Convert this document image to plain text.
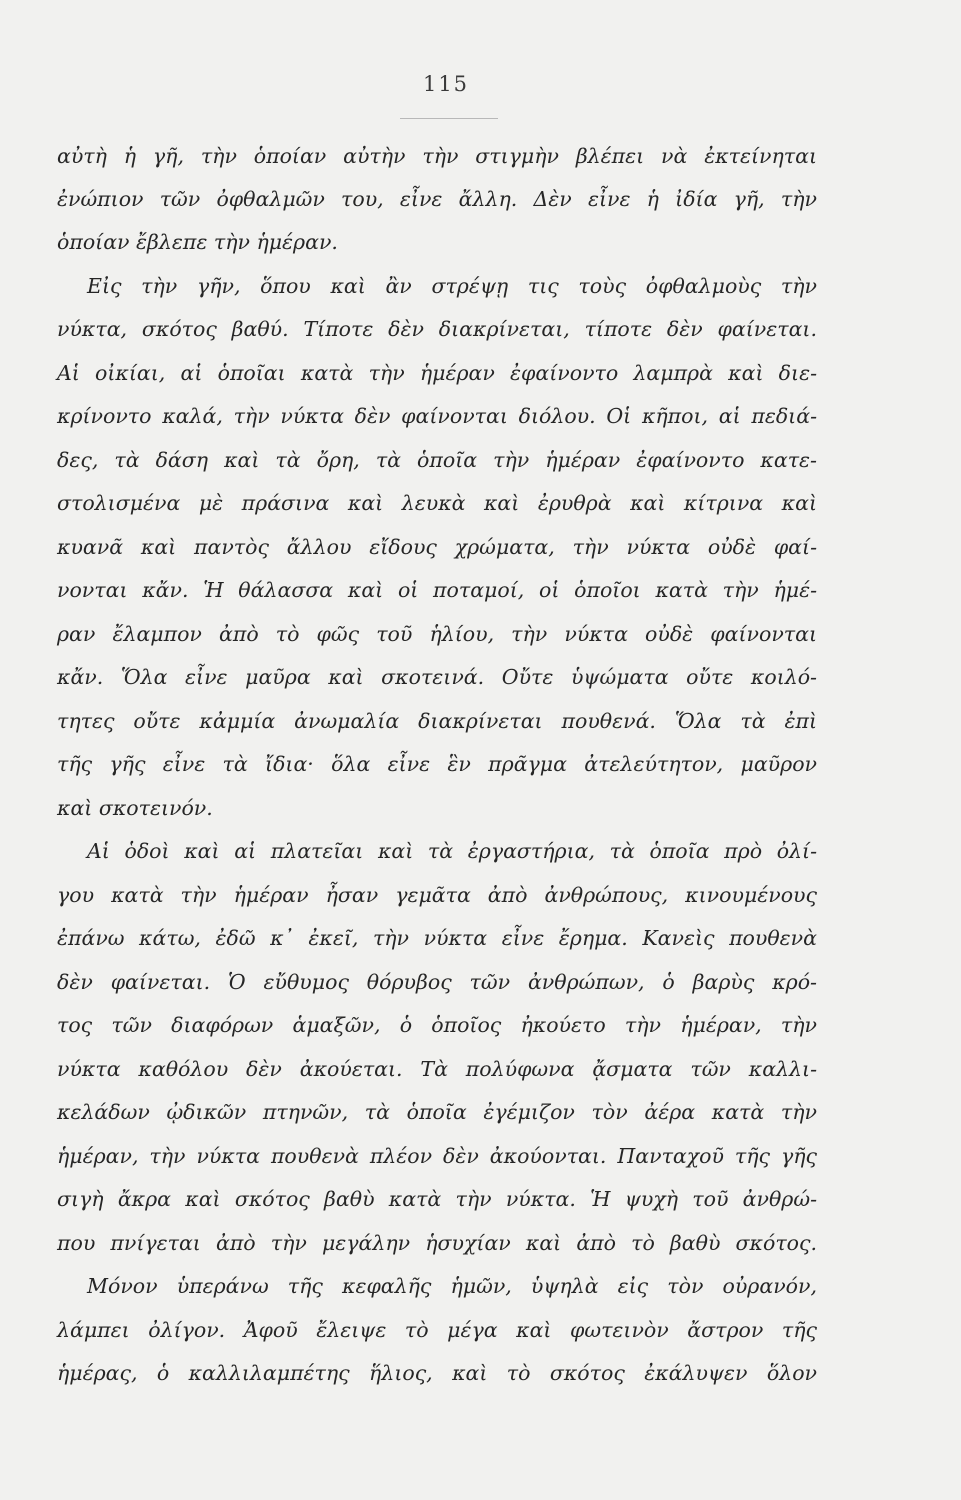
115
αὐτὴ ἡ γῆ, τὴν ὁποίαν αὐτὴν τὴν στιγμὴν βλέπει νὰ ἐκτείνηται
ἐνώπιον τῶν ὀφθαλμῶν του, εἶνε ἄλλη. Δὲν εἶνε ἡ ἰδία γῆ, τὴν
ὁποίαν ἔβλεπε τὴν ἡμέραν.
Εἰς τὴν γῆν, ὅπου καὶ ἂν στρέψῃ τις τοὺς ὀφθαλμοὺς τὴν
νύκτα, σκότος βαθύ. Τίποτε δὲν διακρίνεται, τίποτε δὲν φαίνεται.
Αἱ οἰκίαι, αἱ ὁποῖαι κατὰ τὴν ἡμέραν ἐφαίνοντο λαμπρὰ καὶ διε-
κρίνοντο καλά, τὴν νύκτα δὲν φαίνονται διόλου. Οἱ κῆποι, αἱ πεδιά-
δες, τὰ δάση καὶ τὰ ὄρη, τὰ ὁποῖα τὴν ἡμέραν ἐφαίνοντο κατε-
στολισμένα μὲ πράσινα καὶ λευκὰ καὶ ἐρυθρὰ καὶ κίτρινα καὶ
κυανᾶ καὶ παντὸς ἄλλου εἴδους χρώματα, τὴν νύκτα οὐδὲ φαί-
νονται κἄν. Ἡ θάλασσα καὶ οἱ ποταμοί, οἱ ὁποῖοι κατὰ τὴν ἡμέ-
ραν ἔλαμπον ἀπὸ τὸ φῶς τοῦ ἡλίου, τὴν νύκτα οὐδὲ φαίνονται
κἄν. Ὅλα εἶνε μαῦρα καὶ σκοτεινά. Οὔτε ὑψώματα οὔτε κοιλό-
τητες οὔτε κἀμμία ἀνωμαλία διακρίνεται πουθενά. Ὅλα τὰ ἐπὶ
τῆς γῆς εἶνε τὰ ἴδια· ὅλα εἶνε ἓν πρᾶγμα ἀτελεύτητον, μαῦρον
καὶ σκοτεινόν.
Αἱ ὁδοὶ καὶ αἱ πλατεῖαι καὶ τὰ ἐργαστήρια, τὰ ὁποῖα πρὸ ὀλί-
γου κατὰ τὴν ἡμέραν ἦσαν γεμᾶτα ἀπὸ ἀνθρώπους, κινουμένους
ἐπάνω κάτω, ἐδῶ κ᾿ ἐκεῖ, τὴν νύκτα εἶνε ἔρημα. Κανεὶς πουθενὰ
δὲν φαίνεται. Ὁ εὔθυμος θόρυβος τῶν ἀνθρώπων, ὁ βαρὺς κρό-
τος τῶν διαφόρων ἁμαξῶν, ὁ ὁποῖος ἠκούετο τὴν ἡμέραν, τὴν
νύκτα καθόλου δὲν ἀκούεται. Τὰ πολύφωνα ᾄσματα τῶν καλλι-
κελάδων ᾠδικῶν πτηνῶν, τὰ ὁποῖα ἐγέμιζον τὸν ἀέρα κατὰ τὴν
ἡμέραν, τὴν νύκτα πουθενὰ πλέον δὲν ἀκούονται. Πανταχοῦ τῆς γῆς
σιγὴ ἄκρα καὶ σκότος βαθὺ κατὰ τὴν νύκτα. Ἡ ψυχὴ τοῦ ἀνθρώ-
που πνίγεται ἀπὸ τὴν μεγάλην ἡσυχίαν καὶ ἀπὸ τὸ βαθὺ σκότος.
Μόνον ὑπεράνω τῆς κεφαλῆς ἡμῶν, ὑψηλὰ εἰς τὸν οὐρανόν,
λάμπει ὀλίγον. Ἀφοῦ ἔλειψε τὸ μέγα καὶ φωτεινὸν ἄστρον τῆς
ἡμέρας, ὁ καλλιλαμπέτης ἥλιος, καὶ τὸ σκότος ἐκάλυψεν ὅλον
